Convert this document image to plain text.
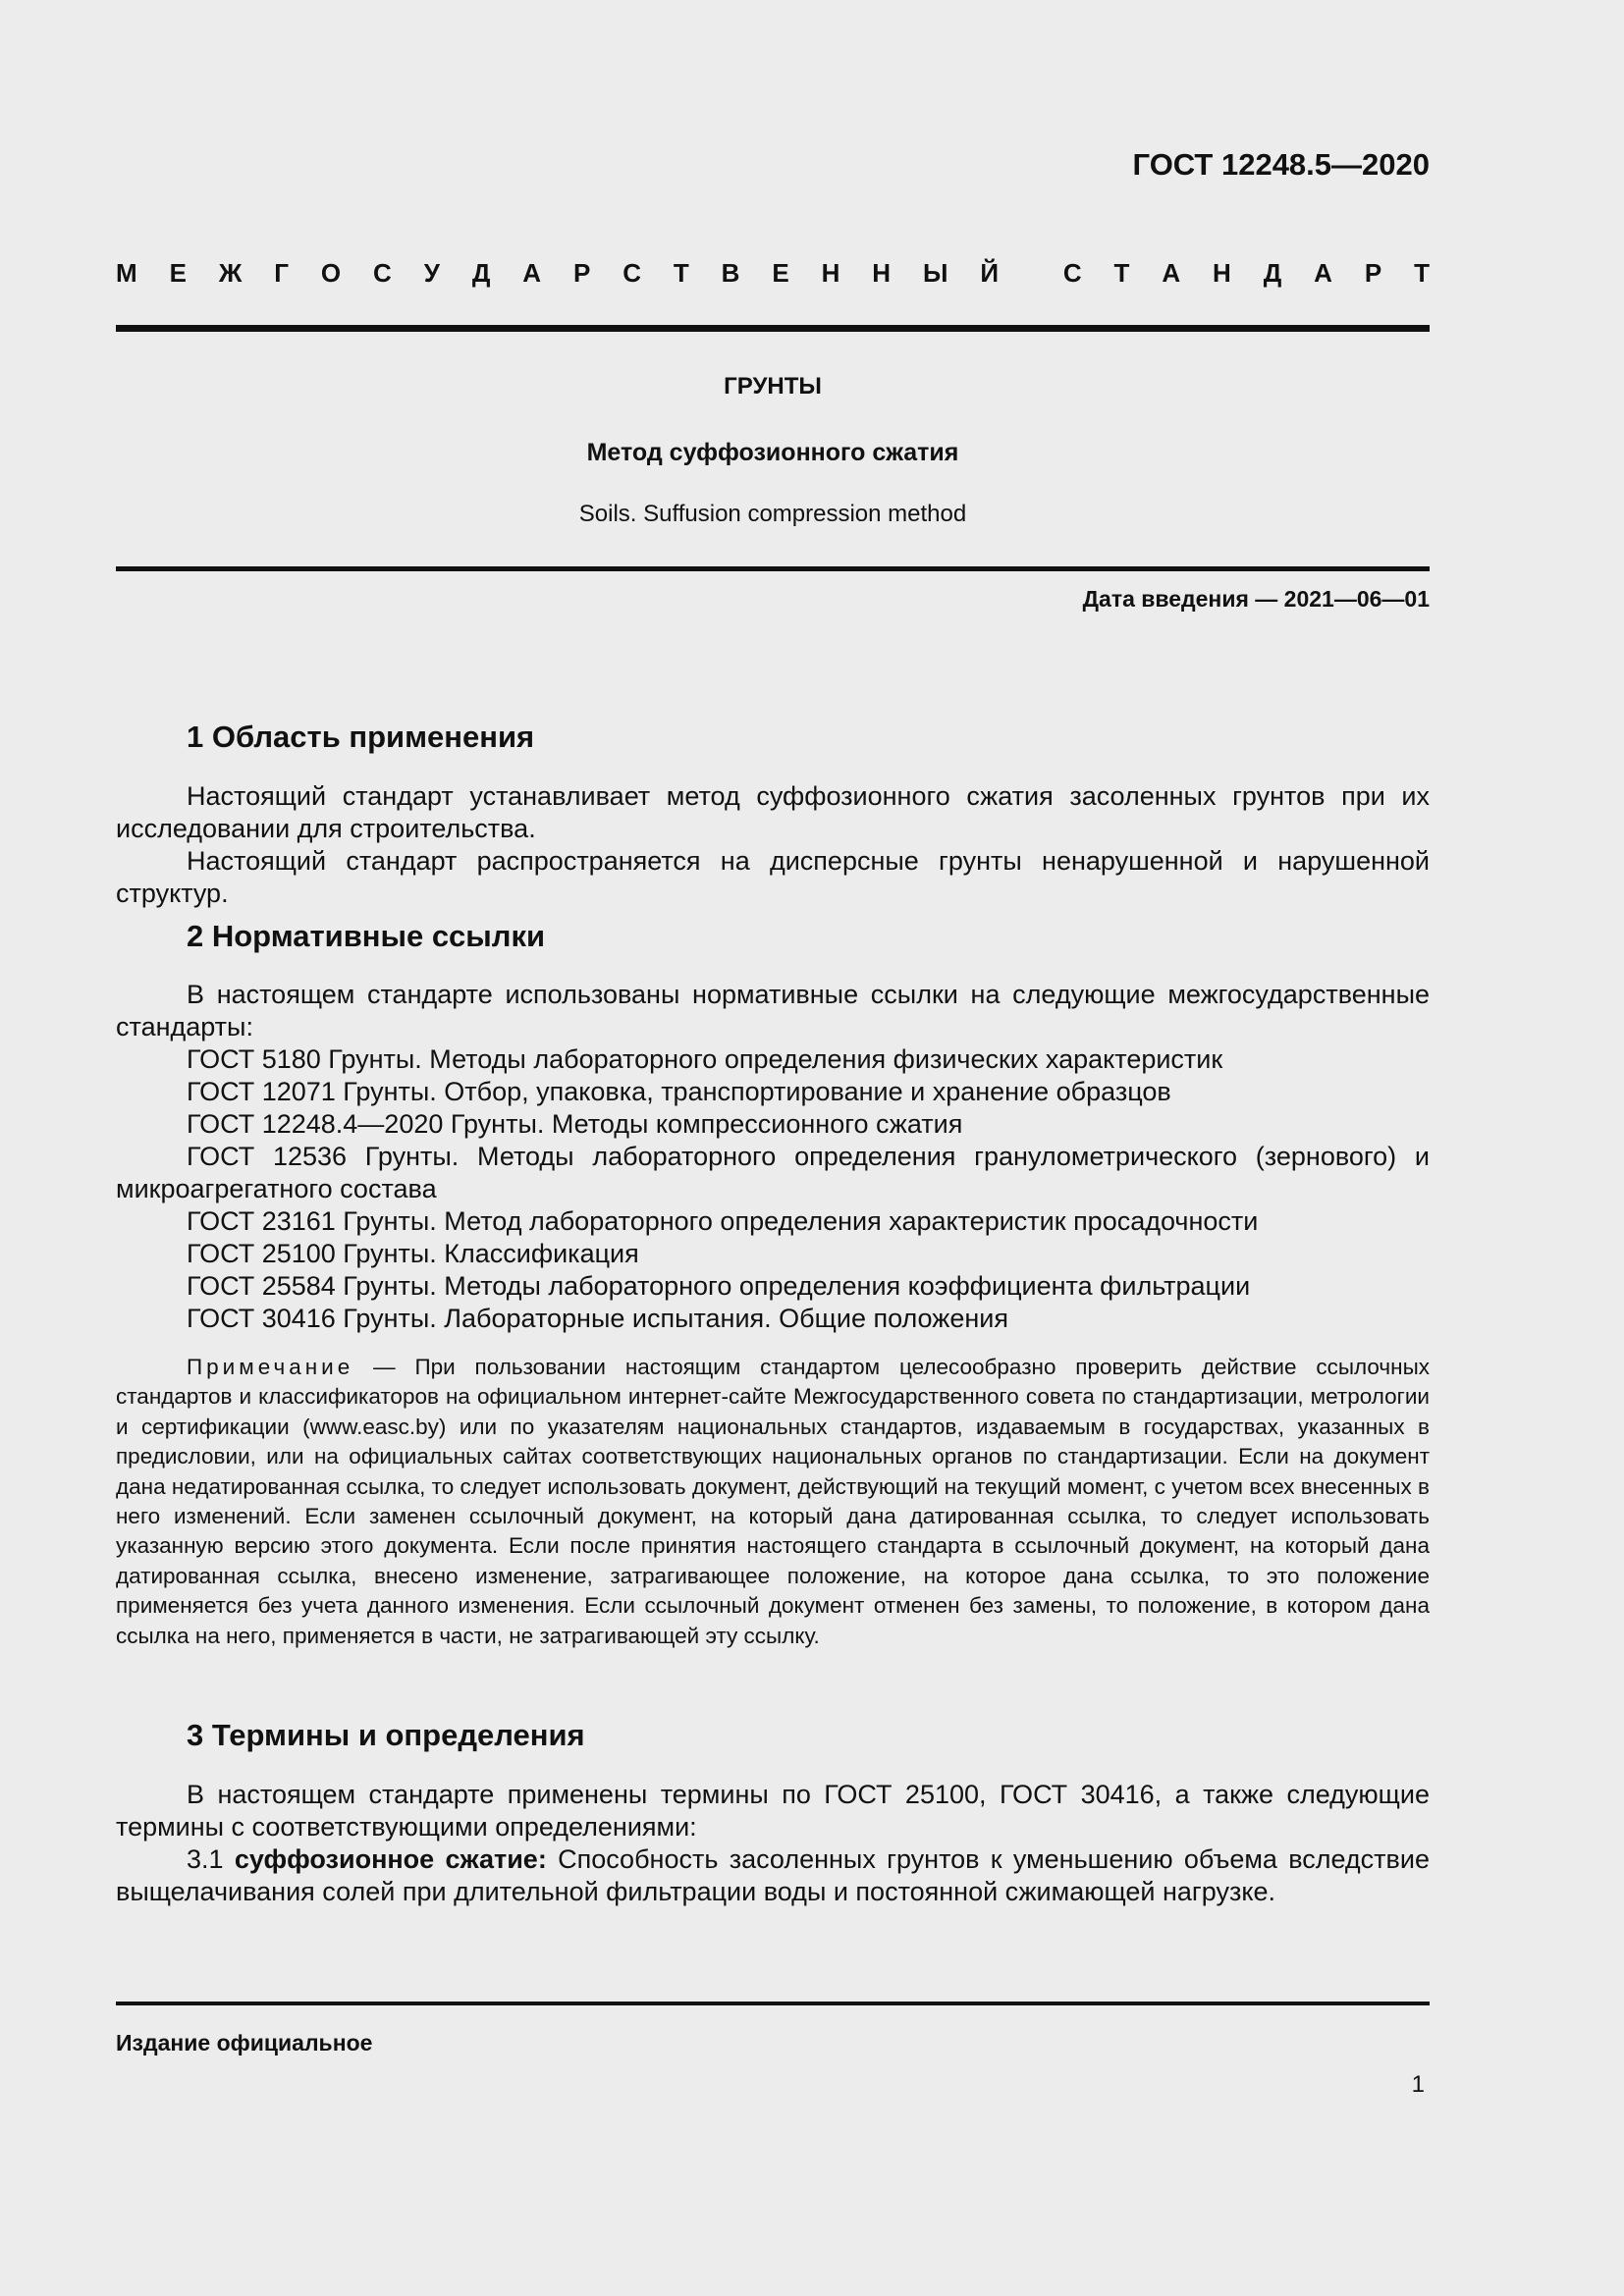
ГОСТ 12248.5—2020
М Е Ж Г О С У Д А Р С Т В Е Н Н Ы Й	С Т А Н Д А Р Т
ГРУНТЫ
Метод суффозионного сжатия
Soils. Suffusion compression method
Дата введения — 2021—06—01
1 Область применения

Настоящий стандарт устанавливает метод суффозионного сжатия засоленных грунтов при их исследовании для строительства.

Настоящий стандарт распространяется на дисперсные грунты ненарушенной и нарушенной структур.

2 Нормативные ссылки

В настоящем стандарте использованы нормативные ссылки на следующие межгосударственные стандарты:

ГОСТ 5180 Грунты. Методы лабораторного определения физических характеристик
ГОСТ 12071 Грунты. Отбор, упаковка, транспортирование и хранение образцов
ГОСТ 12248.4—2020 Грунты. Методы компрессионного сжатия

ГОСТ 12536 Грунты. Методы лабораторного определения гранулометрического (зернового) и микроагрегатного состава

ГОСТ 23161 Грунты. Метод лабораторного определения характеристик просадочности
ГОСТ 25100 Грунты. Классификация
ГОСТ 25584 Грунты. Методы лабораторного определения коэффициента фильтрации
ГОСТ 30416 Грунты. Лабораторные испытания. Общие положения

Примечание — При пользовании настоящим стандартом целесообразно проверить действие ссылочных стандартов и классификаторов на официальном интернет-сайте Межгосударственного совета по стандартизации, метрологии и сертификации (www.easc.by) или по указателям национальных стандартов, издаваемым в государствах, указанных в предисловии, или на официальных сайтах соответствующих национальных органов по стандартизации. Если на документ дана недатированная ссылка, то следует использовать документ, действующий на текущий момент, с учетом всех внесенных в него изменений. Если заменен ссылочный документ, на который дана датированная ссылка, то следует использовать указанную версию этого документа. Если после принятия настоящего стандарта в ссылочный документ, на который дана датированная ссылка, внесено изменение, затрагивающее положение, на которое дана ссылка, то это положение применяется без учета данного изменения. Если ссылочный документ отменен без замены, то положение, в котором дана ссылка на него, применяется в части, не затрагивающей эту ссылку.

3 Термины и определения

В настоящем стандарте применены термины по ГОСТ 25100, ГОСТ 30416, а также следующие термины с соответствующими определениями:

3.1 суффозионное сжатие: Способность засоленных грунтов к уменьшению объема вследствие выщелачивания солей при длительной фильтрации воды и постоянной сжимающей нагрузке.

Издание официальное
1
